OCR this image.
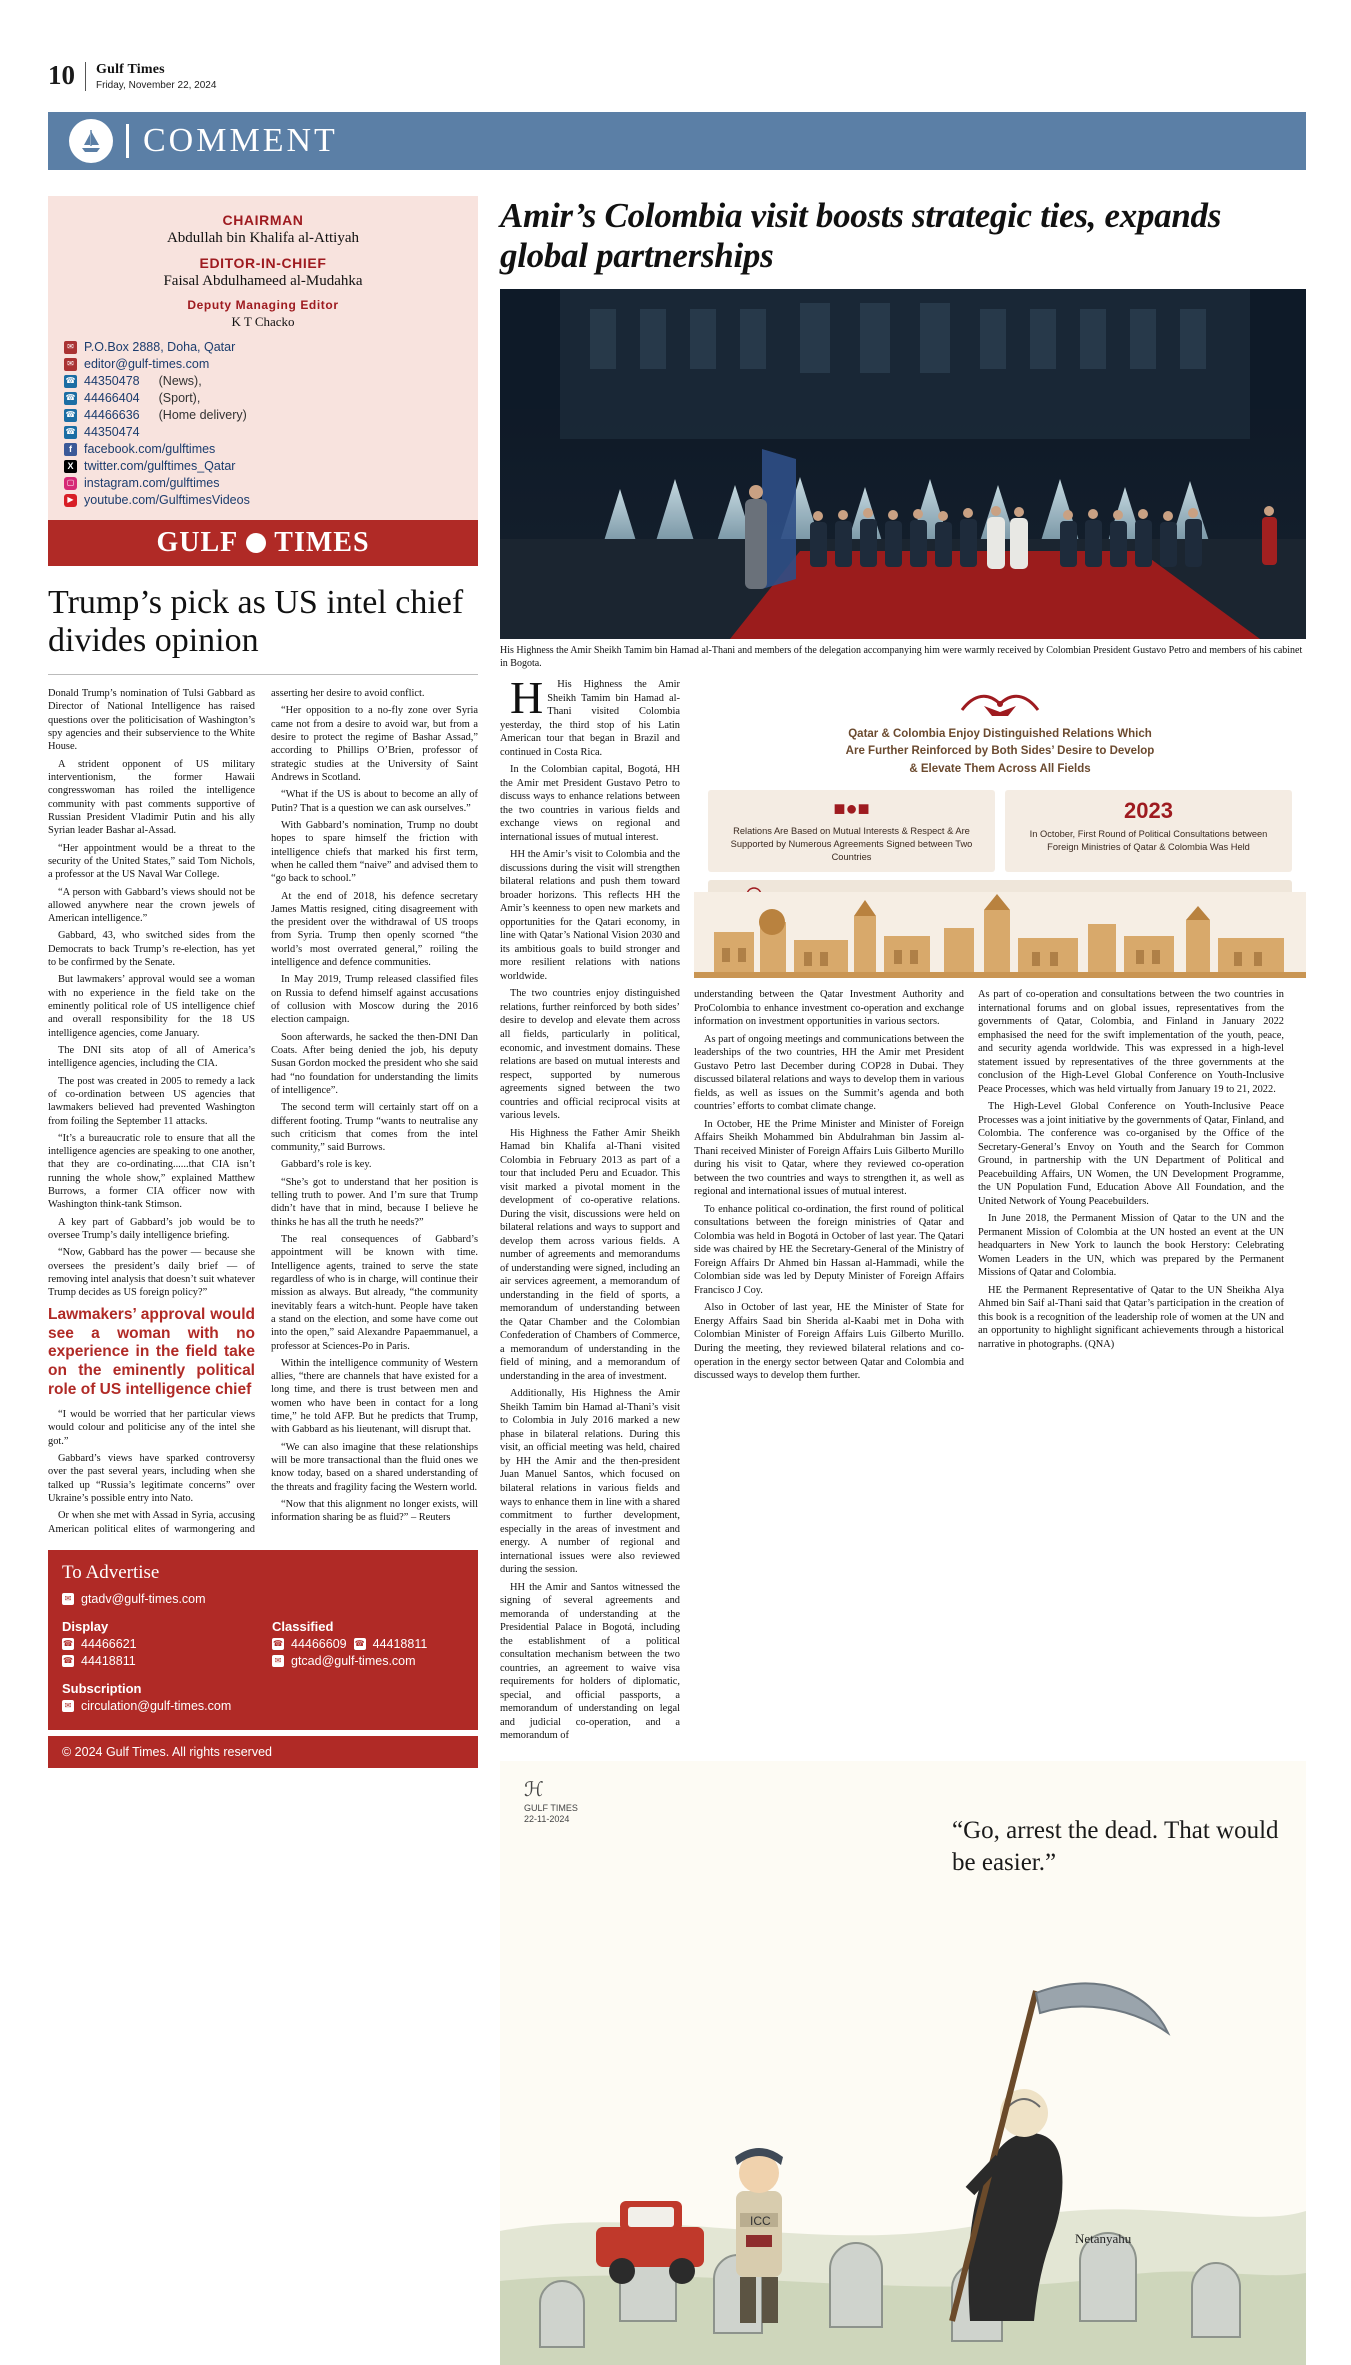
10 Gulf Times
Friday, November 22, 2024
COMMENT
CHAIRMAN
Abdullah bin Khalifa al-Attiyah
EDITOR-IN-CHIEF
Faisal Abdulhameed al-Mudahka
Deputy Managing Editor
K T Chacko
✉ P.O.Box 2888, Doha, Qatar
✉ editor@gulf-times.com
☎ 44350478 (News),
☎ 44466404 (Sport),
☎ 44466636 (Home delivery)
☎ 44350474
f facebook.com/gulftimes
X twitter.com/gulftimes_Qatar
▢ instagram.com/gulftimes
▶ youtube.com/GulftimesVideos
GULF TIMES
Trump’s pick as US intel chief divides opinion

Donald Trump’s nomination of Tulsi Gabbard as Director of National Intelligence has raised questions over the politicisation of Washington’s spy agencies and their subservience to the White House.

A strident opponent of US military interventionism, the former Hawaii congresswoman has roiled the intelligence community with past comments supportive of Russian President Vladimir Putin and his ally Syrian leader Bashar al-Assad.

“Her appointment would be a threat to the security of the United States,” said Tom Nichols, a professor at the US Naval War College.

“A person with Gabbard’s views should not be allowed anywhere near the crown jewels of American intelligence.”

Gabbard, 43, who switched sides from the Democrats to back Trump’s re-election, has yet to be confirmed by the Senate.

But lawmakers’ approval would see a woman with no experience in the field take on the eminently political role of US intelligence chief and overall responsibility for the 18 US intelligence agencies, come January.

The DNI sits atop of all of America’s intelligence agencies, including the CIA.

The post was created in 2005 to remedy a lack of co-ordination between US agencies that lawmakers believed had prevented Washington from foiling the September 11 attacks.

“It’s a bureaucratic role to ensure that all the intelligence agencies are speaking to one another, that they are co-ordinating......that CIA isn’t running the whole show,” explained Matthew Burrows, a former CIA officer now with Washington think-tank Stimson.

A key part of Gabbard’s job would be to oversee Trump’s daily intelligence briefing.

“Now, Gabbard has the power — because she oversees the president’s daily brief — of removing intel analysis that doesn’t suit whatever Trump decides as US foreign policy?”

Lawmakers’ approval would see a woman with no experience in the field take on the eminently political role of US intelligence chief

“I would be worried that her particular views would colour and politicise any of the intel she got.”

Gabbard’s views have sparked controversy over the past several years, including when she talked up “Russia’s legitimate concerns” over Ukraine’s possible entry into Nato.

Or when she met with Assad in Syria, accusing American political elites of warmongering and asserting her desire to avoid conflict.

“Her opposition to a no-fly zone over Syria came not from a desire to avoid war, but from a desire to protect the regime of Bashar Assad,” according to Phillips O’Brien, professor of strategic studies at the University of Saint Andrews in Scotland.

“What if the US is about to become an ally of Putin? That is a question we can ask ourselves.”

With Gabbard’s nomination, Trump no doubt hopes to spare himself the friction with intelligence chiefs that marked his first term, when he called them “naive” and advised them to “go back to school.”

At the end of 2018, his defence secretary James Mattis resigned, citing disagreement with the president over the withdrawal of US troops from Syria. Trump then openly scorned “the world’s most overrated general,” roiling the intelligence and defence communities.

In May 2019, Trump released classified files on Russia to defend himself against accusations of collusion with Moscow during the 2016 election campaign.

Soon afterwards, he sacked the then-DNI Dan Coats. After being denied the job, his deputy Susan Gordon mocked the president who she said had “no foundation for understanding the limits of intelligence”.

The second term will certainly start off on a different footing. Trump “wants to neutralise any such criticism that comes from the intel community,” said Burrows.

Gabbard’s role is key.

“She’s got to understand that her position is telling truth to power. And I’m sure that Trump didn’t have that in mind, because I believe he thinks he has all the truth he needs?”

The real consequences of Gabbard’s appointment will be known with time. Intelligence agents, trained to serve the state regardless of who is in charge, will continue their mission as always. But already, “the community inevitably fears a witch-hunt. People have taken a stand on the election, and some have come out into the open,” said Alexandre Papaemmanuel, a professor at Sciences-Po in Paris.

Within the intelligence community of Western allies, “there are channels that have existed for a long time, and there is trust between men and women who have been in contact for a long time,” he told AFP. But he predicts that Trump, with Gabbard as his lieutenant, will disrupt that.

“We can also imagine that these relationships will be more transactional than the fluid ones we know today, based on a shared understanding of the threats and fragility facing the Western world.

“Now that this alignment no longer exists, will information sharing be as fluid?” – Reuters

To Advertise
✉ gtadv@gulf-times.com
Display
☎ 44466621
☎ 44418811
Classified
☎ 44466609 ☎ 44418811
✉ gtcad@gulf-times.com
Subscription
✉ circulation@gulf-times.com
© 2024 Gulf Times. All rights reserved
Amir’s Colombia visit boosts strategic ties, expands global partnerships
His Highness the Amir Sheikh Tamim bin Hamad al-Thani and members of the delegation accompanying him were warmly received by Colombian President Gustavo Petro and members of his cabinet in Bogota.

H	His Highness the Amir Sheikh Tamim bin Hamad al-Thani visited Colombia yesterday, the third stop of his Latin American tour that began in Brazil and continued in Costa Rica.

In the Colombian capital, Bogotá, HH the Amir met President Gustavo Petro to discuss ways to enhance relations between the two countries in various fields and exchange views on regional and international issues of mutual interest.

HH the Amir’s visit to Colombia and the discussions during the visit will strengthen bilateral relations and push them toward broader horizons. This reflects HH the Amir’s keenness to open new markets and opportunities for the Qatari economy, in line with Qatar’s National Vision 2030 and its ambitious goals to build stronger and more resilient relations with nations worldwide.

The two countries enjoy distinguished relations, further reinforced by both sides’ desire to develop and elevate them across all fields, particularly in political, economic, and investment domains. These relations are based on mutual interests and respect, supported by numerous agreements signed between the two countries and official reciprocal visits at various levels.

His Highness the Father Amir Sheikh Hamad bin Khalifa al-Thani visited Colombia in February 2013 as part of a tour that included Peru and Ecuador. This visit marked a pivotal moment in the development of co-operative relations. During the visit, discussions were held on bilateral relations and ways to support and develop them across various fields. A number of agreements and memorandums of understanding were signed, including an air services agreement, a memorandum of understanding in the field of sports, a memorandum of understanding between the Qatar Chamber and the Colombian Confederation of Chambers of Commerce, a memorandum of understanding in the field of mining, and a memorandum of understanding in the area of investment.

Additionally, His Highness the Amir Sheikh Tamim bin Hamad al-Thani’s visit to Colombia in July 2016 marked a new phase in bilateral relations. During this visit, an official meeting was held, chaired by HH the Amir and the then-president Juan Manuel Santos, which focused on bilateral relations in various fields and ways to enhance them in line with a shared commitment to further development, especially in the areas of investment and energy. A number of regional and international issues were also reviewed during the session.

HH the Amir and Santos witnessed the signing of several agreements and memoranda of understanding at the Presidential Palace in Bogotá, including the establishment of a political consultation mechanism between the two countries, an agreement to waive visa requirements for holders of diplomatic, special, and official passports, a memorandum of understanding on legal and judicial co-operation, and a memorandum of

Qatar & Colombia Enjoy Distinguished Relations Which
Are Further Reinforced by Both Sides’ Desire to Develop
& Elevate Them Across All Fields
■●■
Relations Are Based on Mutual Interests & Respect & Are Supported by Numerous Agreements Signed between Two Countries
2023
In October, First Round of Political Consultations between Foreign Ministries of Qatar & Colombia Was Held

understanding between the Qatar Investment Authority and ProColombia to enhance investment co-operation and exchange information on investment opportunities in various sectors.

As part of ongoing meetings and communications between the leaderships of the two countries, HH the Amir met President Gustavo Petro last December during COP28 in Dubai. They discussed bilateral relations and ways to develop them in various fields, as well as issues on the Summit’s agenda and both countries’ efforts to combat climate change.

In October, HE the Prime Minister and Minister of Foreign Affairs Sheikh Mohammed bin Abdulrahman bin Jassim al-Thani received Minister of Foreign Affairs Luis Gilberto Murillo during his visit to Qatar, where they reviewed co-operation between the two countries and ways to strengthen it, as well as regional and international issues of mutual interest.

To enhance political co-ordination, the first round of political consultations between the foreign ministries of Qatar and Colombia was held in Bogotá in October of last year. The Qatari side was chaired by HE the Secretary-General of the Ministry of Foreign Affairs Dr Ahmed bin Hassan al-Hammadi, while the Colombian side was led by Deputy Minister of Foreign Affairs Francisco J Coy.

Also in October of last year, HE the Minister of State for Energy Affairs Saad bin Sherida al-Kaabi met in Doha with Colombian Minister of Foreign Affairs Luis Gilberto Murillo. During the meeting, they reviewed bilateral relations and co-operation in the energy sector between Qatar and Colombia and discussed ways to develop them further.

As part of co-operation and consultations between the two countries in international forums and on global issues, representatives from the governments of Qatar, Colombia, and Finland in January 2022 emphasised the need for the swift implementation of the youth, peace, and security agenda worldwide. This was expressed in a high-level statement issued by representatives of the three governments at the conclusion of the High-Level Global Conference on Youth-Inclusive Peace Processes, which was held virtually from January 19 to 21, 2022.

The High-Level Global Conference on Youth-Inclusive Peace Processes was a joint initiative by the governments of Qatar, Finland, and Colombia. The conference was co-organised by the Office of the Secretary-General’s Envoy on Youth and the Search for Common Ground, in partnership with the UN Department of Political and Peacebuilding Affairs, UN Women, the UN Development Programme, the UN Population Fund, Education Above All Foundation, and the United Network of Young Peacebuilders.

In June 2018, the Permanent Mission of Qatar to the UN and the Permanent Mission of Colombia at the UN hosted an event at the UN headquarters in New York to launch the book Herstory: Celebrating Women Leaders in the UN, which was prepared by the Permanent Missions of Qatar and Colombia.

HE the Permanent Representative of Qatar to the UN Sheikha Alya Ahmed bin Saif al-Thani said that Qatar’s participation in the creation of this book is a recognition of the leadership role of women at the UN and an opportunity to highlight significant achievements through a historical narrative in photographs. (QNA)

ICC
ℋ
GULF TIMES
22-11-2024	“Go, arrest the dead. That would be easier.”
Netanyahu
